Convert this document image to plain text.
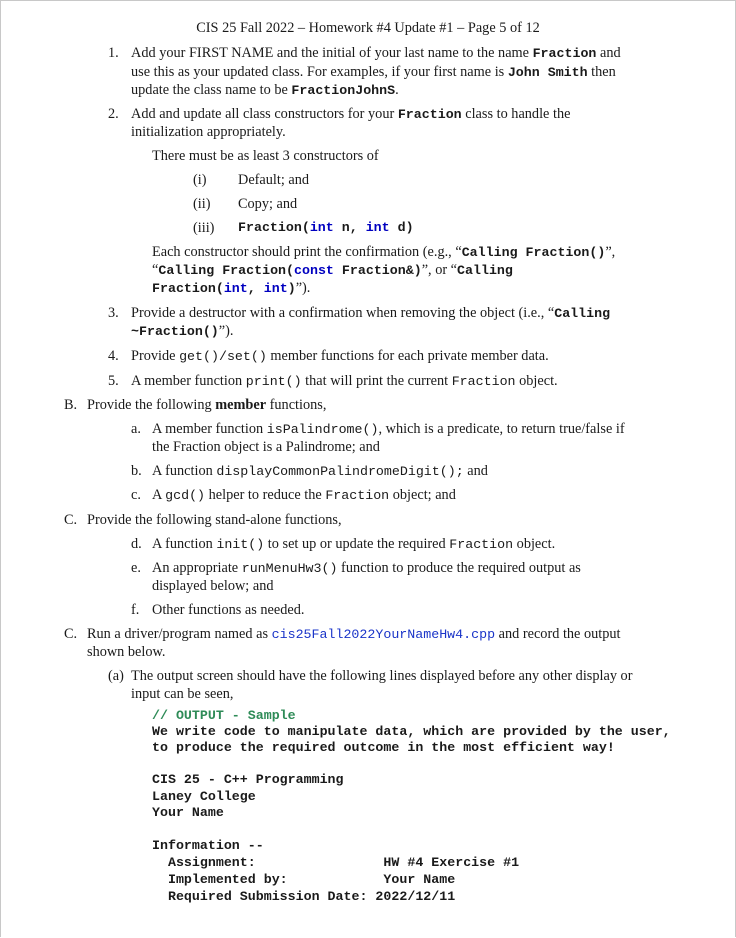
CIS 25 Fall 2022 – Homework #4 Update #1 – Page 5 of 12
1. Add your FIRST NAME and the initial of your last name to the name Fraction and
use this as your updated class. For examples, if your first name is John Smith then
update the class name to be FractionJohnS.
2. Add and update all class constructors for your Fraction class to handle the
initialization appropriately.
There must be as least 3 constructors of
(i) Default; and
(ii) Copy; and
(iii) Fraction(int n, int d)
Each constructor should print the confirmation (e.g., “Calling Fraction()”,
“Calling Fraction(const Fraction&)”, or “Calling
Fraction(int, int)”).
3. Provide a destructor with a confirmation when removing the object (i.e., “Calling
~Fraction()”).
4. Provide get()/set() member functions for each private member data.
5. A member function print() that will print the current Fraction object.
B. Provide the following member functions,
a. A member function isPalindrome(), which is a predicate, to return true/false if
the Fraction object is a Palindrome; and
b. A function displayCommonPalindromeDigit(); and
c. A gcd() helper to reduce the Fraction object; and
C. Provide the following stand-alone functions,
d. A function init() to set up or update the required Fraction object.
e. An appropriate runMenuHw3() function to produce the required output as
displayed below; and
f. Other functions as needed.
C. Run a driver/program named as cis25Fall2022YourNameHw4.cpp and record the output
shown below.
(a) The output screen should have the following lines displayed before any other display or
input can be seen,
// OUTPUT - Sample
We write code to manipulate data, which are provided by the user,
to produce the required outcome in the most efficient way!
CIS 25 - C++ Programming
Laney College
Your Name
Information --
Assignment:                HW #4 Exercise #1
Implemented by:            Your Name
Required Submission Date: 2022/12/11
